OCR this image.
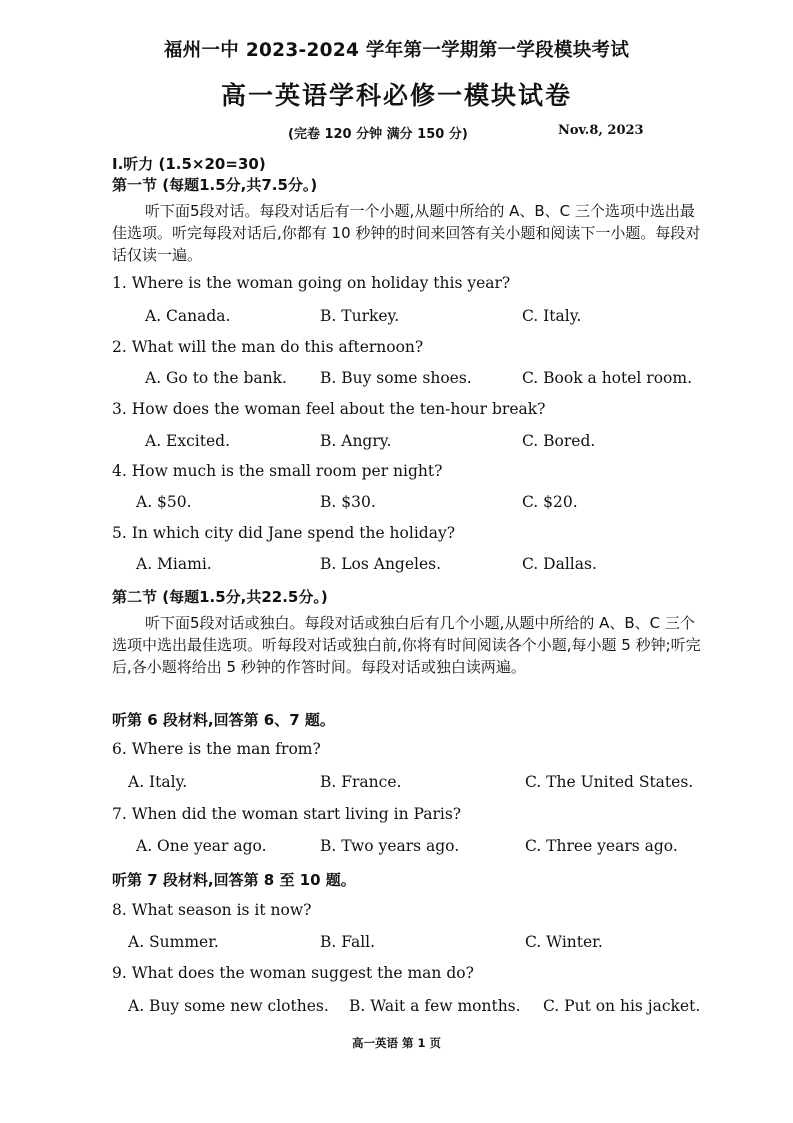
福州一中 2023-2024 学年第一学期第一学段模块考试
高一英语学科必修一模块试卷
(完卷 120 分钟 满分 150 分)	Nov.8, 2023
I.听力 (1.5×20=30)
第一节 (每题1.5分,共7.5分。)
听下面5段对话。每段对话后有一个小题,从题中所给的 A、B、C 三个选项中选出最佳选项。听完每段对话后,你都有 10 秒钟的时间来回答有关小题和阅读下一小题。每段对话仅读一遍。
1. Where is the woman going on holiday this year?
A. Canada.	B. Turkey.	C. Italy.
2. What will the man do this afternoon?
A. Go to the bank. B. Buy some shoes.	C. Book a hotel room.
3. How does the woman feel about the ten-hour break?
A. Excited.	B. Angry.	C. Bored.
4. How much is the small room per night?
A. $50.	B. $30.	C. $20.
5. In which city did Jane spend the holiday?
A. Miami.	B. Los Angeles.	C. Dallas.
第二节 (每题1.5分,共22.5分。)
听下面5段对话或独白。每段对话或独白后有几个小题,从题中所给的 A、B、C 三个选项中选出最佳选项。听每段对话或独白前,你将有时间阅读各个小题,每小题 5 秒钟;听完后,各小题将给出 5 秒钟的作答时间。每段对话或独白读两遍。
听第 6 段材料,回答第 6、7 题。
6. Where is the man from?
A. Italy.	B. France.	C. The United States.
7. When did the woman start living in Paris?
A. One year ago.	B. Two years ago.	C. Three years ago.
听第 7 段材料,回答第 8 至 10 题。
8. What season is it now?
A. Summer.	B. Fall.	C. Winter.
9. What does the woman suggest the man do?
A. Buy some new clothes. B. Wait a few months. C. Put on his jacket.
高一英语 第 1 页
